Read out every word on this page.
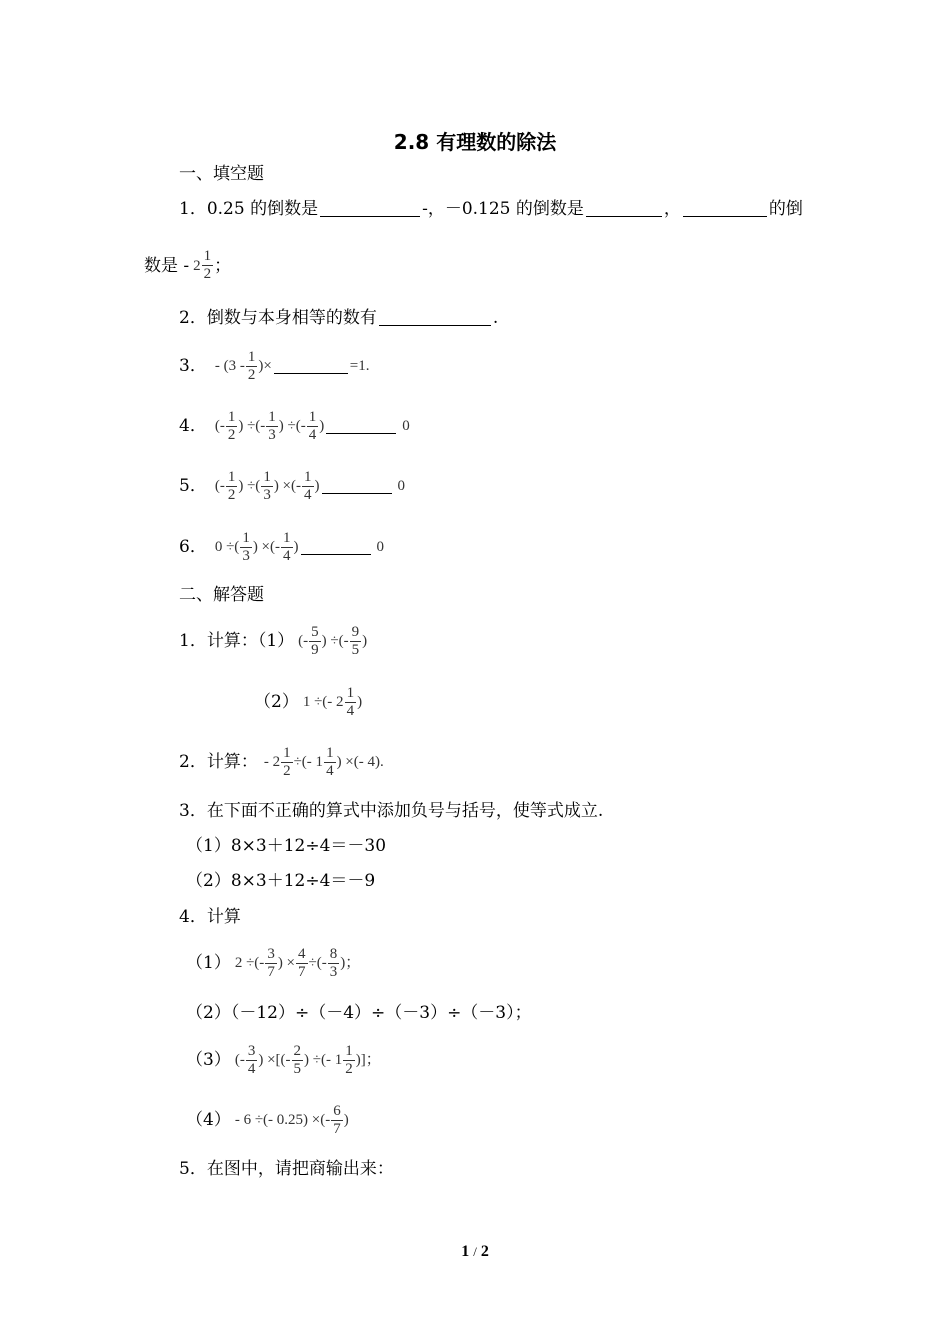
2.8 有理数的除法
一、填空题
1．0.25 的倒数是	-，－0.125 的倒数是	，	的倒
数是 - $2 \frac{1}{2}$ ；
2．倒数与本身相等的数有	.
3． - ($3 - \frac{1}{2}$ )×	=1.
4． (- $\frac{1}{2}$ ) ÷(- $\frac{1}{3}$ ) ÷(- $\frac{1}{4}$ )	0
5． (- $\frac{1}{2}$ ) ÷( $\frac{1}{3}$ ) ×(- $\frac{1}{4}$ )	0
6． 0 ÷( $\frac{1}{3}$ ) ×(- $\frac{1}{4}$ )	0
二、解答题
1．计算：（1） (- $\frac{5}{9}$ ) ÷(- $\frac{9}{5}$ )
（2） 1 ÷(- $2 \frac{1}{4}$ )
2．计算： - $2 \frac{1}{2}$ ÷(- $1 \frac{1}{4}$ ) ×(- 4).
3．在下面不正确的算式中添加负号与括号，使等式成立.
（1）8×3＋12÷4＝－30
（2）8×3＋12÷4＝－9
4．计算
（1） 2 ÷(- $\frac{3}{7}$ ) × $\frac{4}{7}$ ÷(- $\frac{8}{3}$ )；
（2）（－12）÷（－4）÷（－3）÷（－3）；
（3） (- $\frac{3}{4}$ ) ×[(- $\frac{2}{5}$ ) ÷(- $1 \frac{1}{2}$ )]；
（4） - 6 ÷(- 0.25) ×(- $\frac{6}{7}$ )
5．在图中，请把商输出来：
1 / 2
